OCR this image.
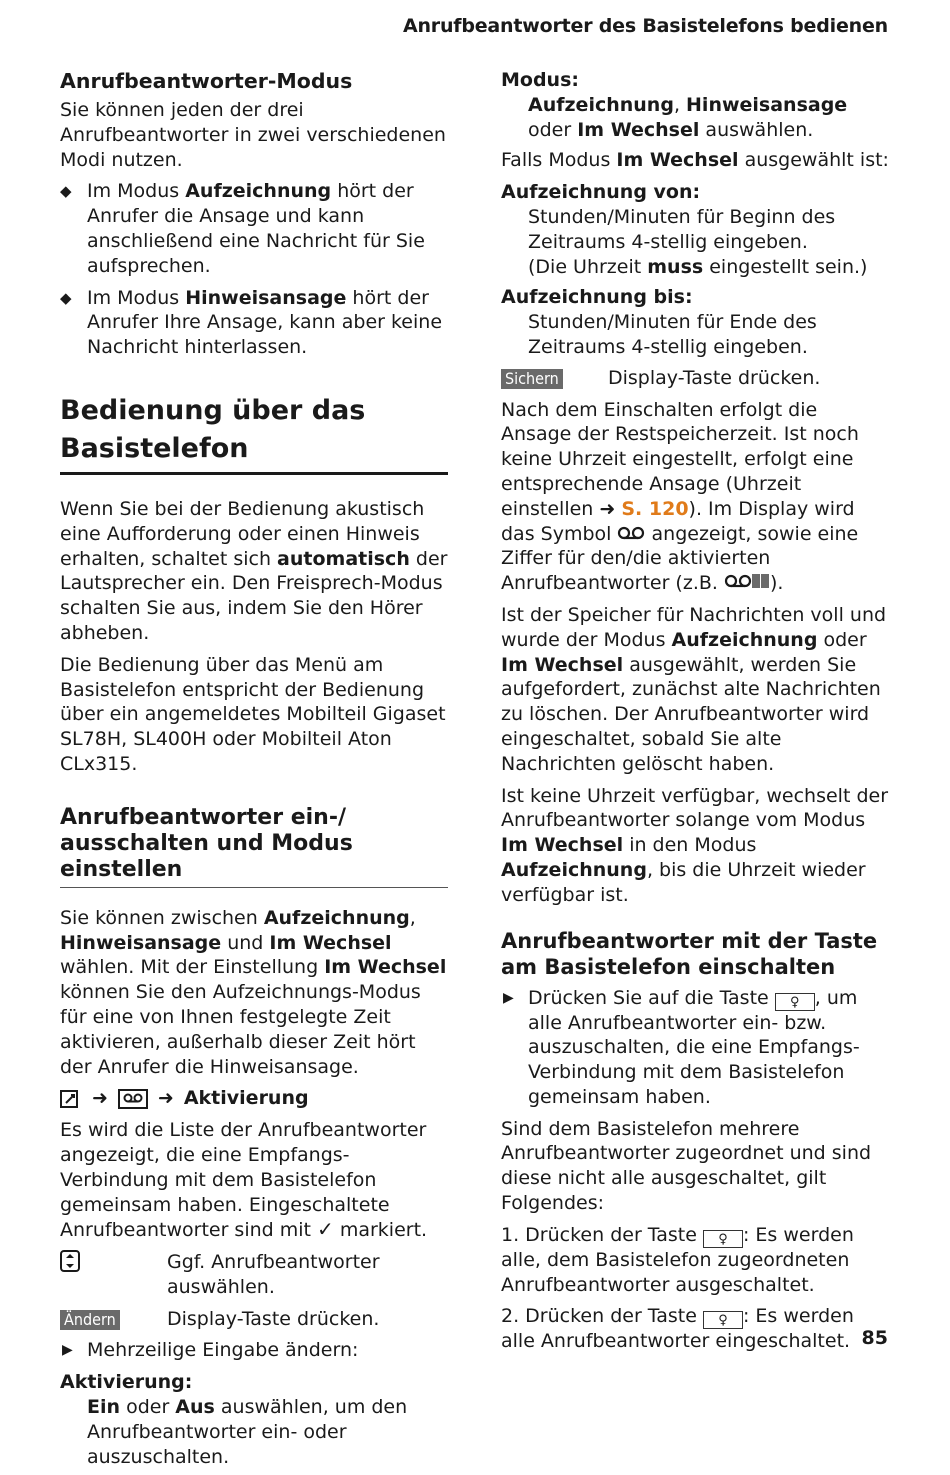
Anrufbeantworter des Basistelefons bedienen
Anrufbeantworter-Modus

Sie können jeden der drei Anrufbeantworter in zwei verschiedenen Modi nutzen.

◆ Im Modus Aufzeichnung hört der Anrufer die Ansage und kann anschließend eine Nachricht für Sie aufsprechen.
◆ Im Modus Hinweisansage hört der Anrufer Ihre Ansage, kann aber keine Nachricht hinterlassen.
Bedienung über das Basistelefon

Wenn Sie bei der Bedienung akustisch eine Aufforderung oder einen Hinweis erhalten, schaltet sich automatisch der Lautsprecher ein. Den Freisprech-Modus schalten Sie aus, indem Sie den Hörer abheben.

Die Bedienung über das Menü am Basistelefon entspricht der Bedienung über ein angemeldetes Mobilteil Gigaset SL78H, SL400H oder Mobilteil Aton CLx315.

Anrufbeantworter ein-/ ausschalten und Modus einstellen

Sie können zwischen Aufzeichnung, Hinweisansage und Im Wechsel wählen. Mit der Einstellung Im Wechsel können Sie den Aufzeichnungs-Modus für eine von Ihnen festgelegte Zeit aktivieren, außerhalb dieser Zeit hört der Anrufer die Hinweisansage.

➜	➜ Aktivierung

Es wird die Liste der Anrufbeantworter angezeigt, die eine Empfangs-Verbindung mit dem Basistelefon gemeinsam haben. Eingeschaltete Anrufbeantworter sind mit ✓ markiert.

Ggf. Anrufbeantworter auswählen.
Ändern	Display-Taste drücken.
▶ Mehrzeilige Eingabe ändern:
Aktivierung:
Ein oder Aus auswählen, um den Anrufbeantworter ein- oder auszuschalten.
Modus:
Aufzeichnung, Hinweisansage oder Im Wechsel auswählen.

Falls Modus Im Wechsel ausgewählt ist:

Aufzeichnung von:
Stunden/Minuten für Beginn des Zeitraums 4-stellig eingeben.
(Die Uhrzeit muss eingestellt sein.)
Aufzeichnung bis:
Stunden/Minuten für Ende des Zeitraums 4-stellig eingeben.
Sichern	Display-Taste drücken.

Nach dem Einschalten erfolgt die Ansage der Restspeicherzeit. Ist noch keine Uhrzeit eingestellt, erfolgt eine entsprechende Ansage (Uhrzeit einstellen ➜ S. 120). Im Display wird das Symbol  angezeigt, sowie eine Ziffer für den/die aktivierten Anrufbeantworter (z.B. ).

Ist der Speicher für Nachrichten voll und wurde der Modus Aufzeichnung oder Im Wechsel ausgewählt, werden Sie aufgefordert, zunächst alte Nachrichten zu löschen. Der Anrufbeantworter wird eingeschaltet, sobald Sie alte Nachrichten gelöscht haben.

Ist keine Uhrzeit verfügbar, wechselt der Anrufbeantworter solange vom Modus Im Wechsel in den Modus Aufzeichnung, bis die Uhrzeit wieder verfügbar ist.

Anrufbeantworter mit der Taste am Basistelefon einschalten
▶ Drücken Sie auf die Taste ♀ , um alle Anrufbeantworter ein- bzw. auszuschalten, die eine Empfangs-Verbindung mit dem Basistelefon gemeinsam haben.

Sind dem Basistelefon mehrere Anrufbeantworter zugeordnet und sind diese nicht alle ausgeschaltet, gilt Folgendes:

1. Drücken der Taste ♀ : Es werden alle, dem Basistelefon zugeordneten Anrufbeantworter ausgeschaltet.

2. Drücken der Taste ♀ : Es werden alle Anrufbeantworter eingeschaltet. 85
